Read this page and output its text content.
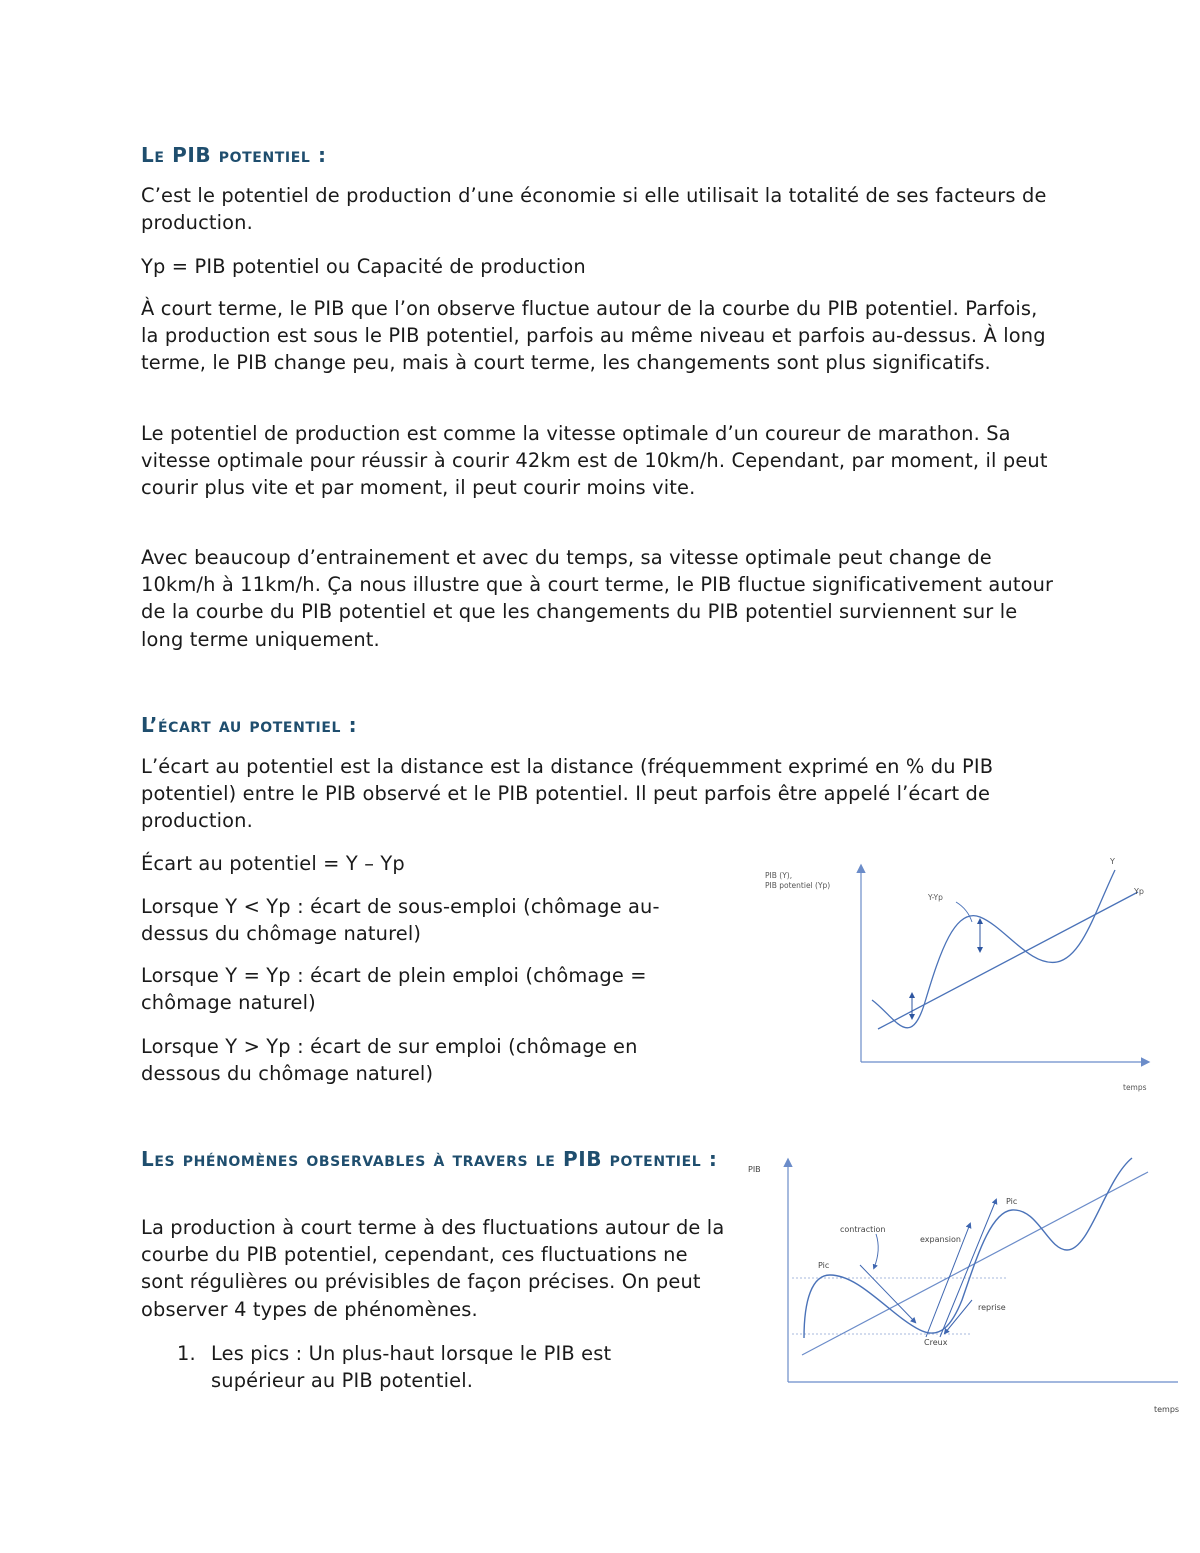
Le PIB potentiel :

C’est le potentiel de production d’une économie si elle utilisait la totalité de ses facteurs de production.

Yp = PIB potentiel ou Capacité de production

À court terme, le PIB que l’on observe fluctue autour de la courbe du PIB potentiel. Parfois, la production est sous le PIB potentiel, parfois au même niveau et parfois au-dessus. À long terme, le PIB change peu, mais à court terme, les changements sont plus significatifs.

Le potentiel de production est comme la vitesse optimale d’un coureur de marathon. Sa vitesse optimale pour réussir à courir 42km est de 10km/h. Cependant, par moment, il peut courir plus vite et par moment, il peut courir moins vite.

Avec beaucoup d’entrainement et avec du temps, sa vitesse optimale peut change de 10km/h à 11km/h. Ça nous illustre que à court terme, le PIB fluctue significativement autour de la courbe du PIB potentiel et que les changements du PIB potentiel surviennent sur le long terme uniquement.

L’écart au potentiel :

L’écart au potentiel est la distance est la distance (fréquemment exprimé en % du PIB potentiel) entre le PIB observé et le PIB potentiel. Il peut parfois être appelé l’écart de production.

Écart au potentiel = Y – Yp

Lorsque Y < Yp : écart de sous-emploi (chômage au-dessus du chômage naturel)

Lorsque Y = Yp : écart de plein emploi (chômage = chômage naturel)

Lorsque Y > Yp : écart de sur emploi (chômage en dessous du chômage naturel)

PIB (Y),
PIB potentiel (Yp)
Y
Yp
Y-Yp
temps
Les phénomènes observables à travers le PIB potentiel :

La production à court terme à des fluctuations autour de la courbe du PIB potentiel, cependant, ces fluctuations ne sont régulières ou prévisibles de façon précises. On peut observer 4 types de phénomènes.

1. Les pics : Un plus-haut lorsque le PIB est supérieur au PIB potentiel.
PIB
temps
Pic
Pic
contraction
expansion
reprise
Creux
